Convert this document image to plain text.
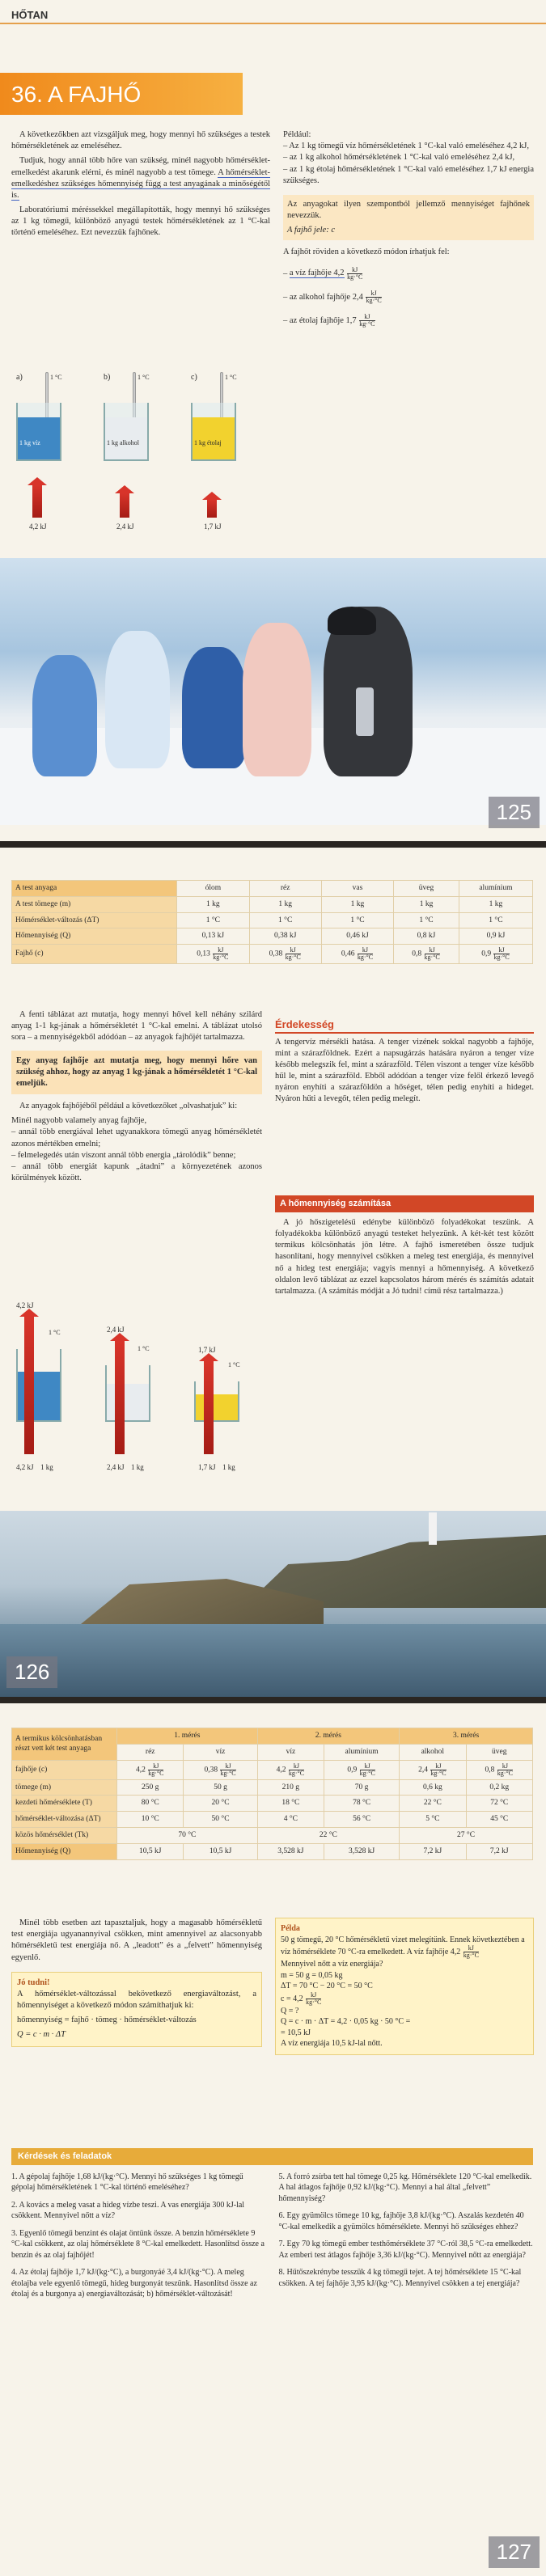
HŐTAN
36. A FAJHŐ

A következőkben azt vizsgáljuk meg, hogy mennyi hő szükséges a testek hőmérsékletének az emeléséhez.

Tudjuk, hogy annál több hőre van szükség, minél nagyobb hőmérséklet-emelkedést akarunk elérni, és minél nagyobb a test tömege. A hőmérséklet-emelkedéshez szükséges hőmennyiség függ a test anyagának a minőségétől is.

Laboratóriumi méréssekkel megállapították, hogy mennyi hő szükséges az 1 kg tömegű, különböző anyagú testek hőmérsékletének az 1 °C-kal történő emeléséhez. Ezt nevezzük fajhőnek.

Például:
– Az 1 kg tömegű víz hőmérsékletének 1 °C-kal való emeléséhez 4,2 kJ,
– az 1 kg alkohol hőmérsékletének 1 °C-kal való emeléséhez 2,4 kJ,
– az 1 kg étolaj hőmérsékletének 1 °C-kal való emeléséhez 1,7 kJ energia szükséges.
Az anyagokat ilyen szempontból jellemző mennyiséget fajhőnek nevezzük.
A fajhő jele: c
A fajhőt röviden a következő módon írhatjuk fel:
– a víz fajhője $4,2 \frac{kJ}{kg\cdot^\circ C}$
– az alkohol fajhője $2,4 \frac{kJ}{kg\cdot^\circ C}$
– az étolaj fajhője $1,7 \frac{kJ}{kg\cdot^\circ C}$
a)	1 °C
1 kg víz
b)	1 °C
1 kg alkohol
c)	1 °C
1 kg étolaj
4,2 kJ	2,4 kJ	1,7 kJ
125
A test anyaga	ólom	réz	vas	üveg	alumínium
A test tömege (m)	1 kg	1 kg	1 kg	1 kg	1 kg
Hőmérséklet-változás (ΔT)	1 °C	1 °C	1 °C	1 °C	1 °C
Hőmennyiség (Q)	0,13 kJ	0,38 kJ	0,46 kJ	0,8 kJ	0,9 kJ
Fajhő (c)	$0,13 \frac{kJ}{kg\cdot^\circ C}$	$0,38 \frac{kJ}{kg\cdot^\circ C}$	$0,46 \frac{kJ}{kg\cdot^\circ C}$	$0,8 \frac{kJ}{kg\cdot^\circ C}$	$0,9 \frac{kJ}{kg\cdot^\circ C}$

A fenti táblázat azt mutatja, hogy mennyi hővel kell néhány szilárd anyag 1-1 kg-jának a hőmérsékletét 1 °C-kal emelni. A táblázat utolsó sora – a mennyiségekből adódóan – az anyagok fajhőjét tartalmazza.

Egy anyag fajhője azt mutatja meg, hogy mennyi hőre van szükség ahhoz, hogy az anyag 1 kg-jának a hőmérsékletét 1 °C-kal emeljük.

Az anyagok fajhőjéből például a következőket „olvashatjuk” ki:

Minél nagyobb valamely anyag fajhője,
– annál több energiával lehet ugyanakkora tömegű anyag hőmérsékletét azonos mértékben emelni;
– felmelegedés után viszont annál több energia „tárolódik” benne;
– annál több energiát kapunk „átadni” a környezetének azonos körülmények között.
Érdekesség
A tengervíz mérsékli hatása. A tenger vizének sokkal nagyobb a fajhője, mint a szárazföldnek. Ezért a napsugárzás hatására nyáron a tenger víze később melegszik fel, mint a szárazföld. Télen viszont a tenger víze később hűl le, mint a szárazföld. Ebből adódóan a tenger víze felől érkező levegő nyáron enyhíti a szárazföldön a hőséget, télen pedig enyhíti a hideget. Nyáron hűti a levegőt, télen pedig melegít.
A hőmennyiség számítása

A jó hőszigetelésű edénybe különböző folyadékokat teszünk. A folyadékokba különböző anyagú testeket helyezünk. A két-két test között termikus kölcsönhatás jön létre. A fajhő ismeretében össze tudjuk hasonlítani, hogy mennyivel csökken a meleg test energiája, és mennyivel nő a hideg test energiája; vagyis mennyi a hőmennyiség. A következő oldalon levő táblázat az ezzel kapcsolatos három mérés és számítás adatait tartalmazza. (A számítás módját a Jó tudni! című rész tartalmazza.)

4,2 kJ
2,4 kJ
1,7 kJ
1 °C
1 °C
1 °C
4,2 kJ	2,4 kJ	1,7 kJ
1 kg	1 kg	1 kg
126
A termikus kölcsönhatásban részt vett két test anyaga	1. mérés		2. mérés		3. mérés	
	réz	víz	víz	alumínium	alkohol	üveg
fajhője (c)	$4,2 \frac{kJ}{kg\cdot^\circ C}$	$0,38 \frac{kJ}{kg\cdot^\circ C}$	$4,2 \frac{kJ}{kg\cdot^\circ C}$	$0,9 \frac{kJ}{kg\cdot^\circ C}$	$2,4 \frac{kJ}{kg\cdot^\circ C}$	$0,8 \frac{kJ}{kg\cdot^\circ C}$

tömege (m)	250 g	50 g	210 g	70 g	0,6 kg	0,2 kg
kezdeti hőmérséklete (T)	80 °C	20 °C	18 °C	78 °C	22 °C	72 °C
hőmérséklet-változása (ΔT)	10 °C	50 °C	4 °C	56 °C	5 °C	45 °C
közös hőmérséklet (Tk)	70 °C		22 °C		27 °C	
Hőmennyiség (Q)	10,5 kJ	10,5 kJ	3,528 kJ	3,528 kJ	7,2 kJ	7,2 kJ

Minél több esetben azt tapasztaljuk, hogy a magasabb hőmérsékletű test energiája ugyanannyival csökken, mint amennyivel az alacsonyabb hőmérsékletű test energiája nő. A „leadott” és a „felvett” hőmennyiség egyenlő.

Jó tudni!
A hőmérséklet-változással bekövetkező energiaváltozást, a hőmennyiséget a következő módon számíthatjuk ki:
hőmennyiség = fajhő · tömeg · hőmérséklet-változás
Q = c · m · ΔT
Példa
50 g tömegű, 20 °C hőmérsékletű vizet melegítünk. Ennek következtében a víz hőmérséklete 70 °C-ra emelkedett. A víz fajhője $4,2 \frac{kJ}{kg\cdot^\circ C}$
Mennyivel nőtt a víz energiája?
m = 50 g = 0,05 kg
ΔT = 70 °C − 20 °C = 50 °C
$c = 4,2 \frac{kJ}{kg\cdot^\circ C}$
Q = ?
Q = c · m · ΔT = 4,2 · 0,05 kg · 50 °C =
= 10,5 kJ
A víz energiája 10,5 kJ-lal nőtt.
Kérdések és feladatok
1. A gépolaj fajhője 1,68 kJ/(kg·°C). Mennyi hő szükséges 1 kg tömegű gépolaj hőmérsékletének 1 °C-kal történő emeléséhez?
2. A kovács a meleg vasat a hideg vízbe teszi. A vas energiája 300 kJ-lal csökkent. Mennyivel nőtt a víz?
3. Egyenlő tömegű benzint és olajat öntünk össze. A benzin hőmérséklete 9 °C-kal csökkent, az olaj hőmérséklete 8 °C-kal emelkedett. Hasonlítsd össze a benzin és az olaj fajhőjét!
4. Az étolaj fajhője 1,7 kJ/(kg·°C), a burgonyáé 3,4 kJ/(kg·°C). A meleg étolajba vele egyenlő tömegű, hideg burgonyát teszünk. Hasonlítsd össze az étolaj és a burgonya a) energiaváltozását; b) hőmérséklet-változását!
5. A forró zsírba tett hal tömege 0,25 kg. Hőmérséklete 120 °C-kal emelkedik. A hal átlagos fajhője 0,92 kJ/(kg·°C). Mennyi a hal által „felvett” hőmennyiség?
6. Egy gyümölcs tömege 10 kg, fajhője 3,8 kJ/(kg·°C). Aszalás kezdetén 40 °C-kal emelkedik a gyümölcs hőmérséklete. Mennyi hő szükséges ehhez?
7. Egy 70 kg tömegű ember testhőmérséklete 37 °C-ról 38,5 °C-ra emelkedett. Az emberi test átlagos fajhője 3,36 kJ/(kg·°C). Mennyivel nőtt az energiája?
8. Hűtőszekrénybe tesszük 4 kg tömegű tejet. A tej hőmérséklete 15 °C-kal csökken. A tej fajhője 3,95 kJ/(kg·°C). Mennyivel csökken a tej energiája?
127
